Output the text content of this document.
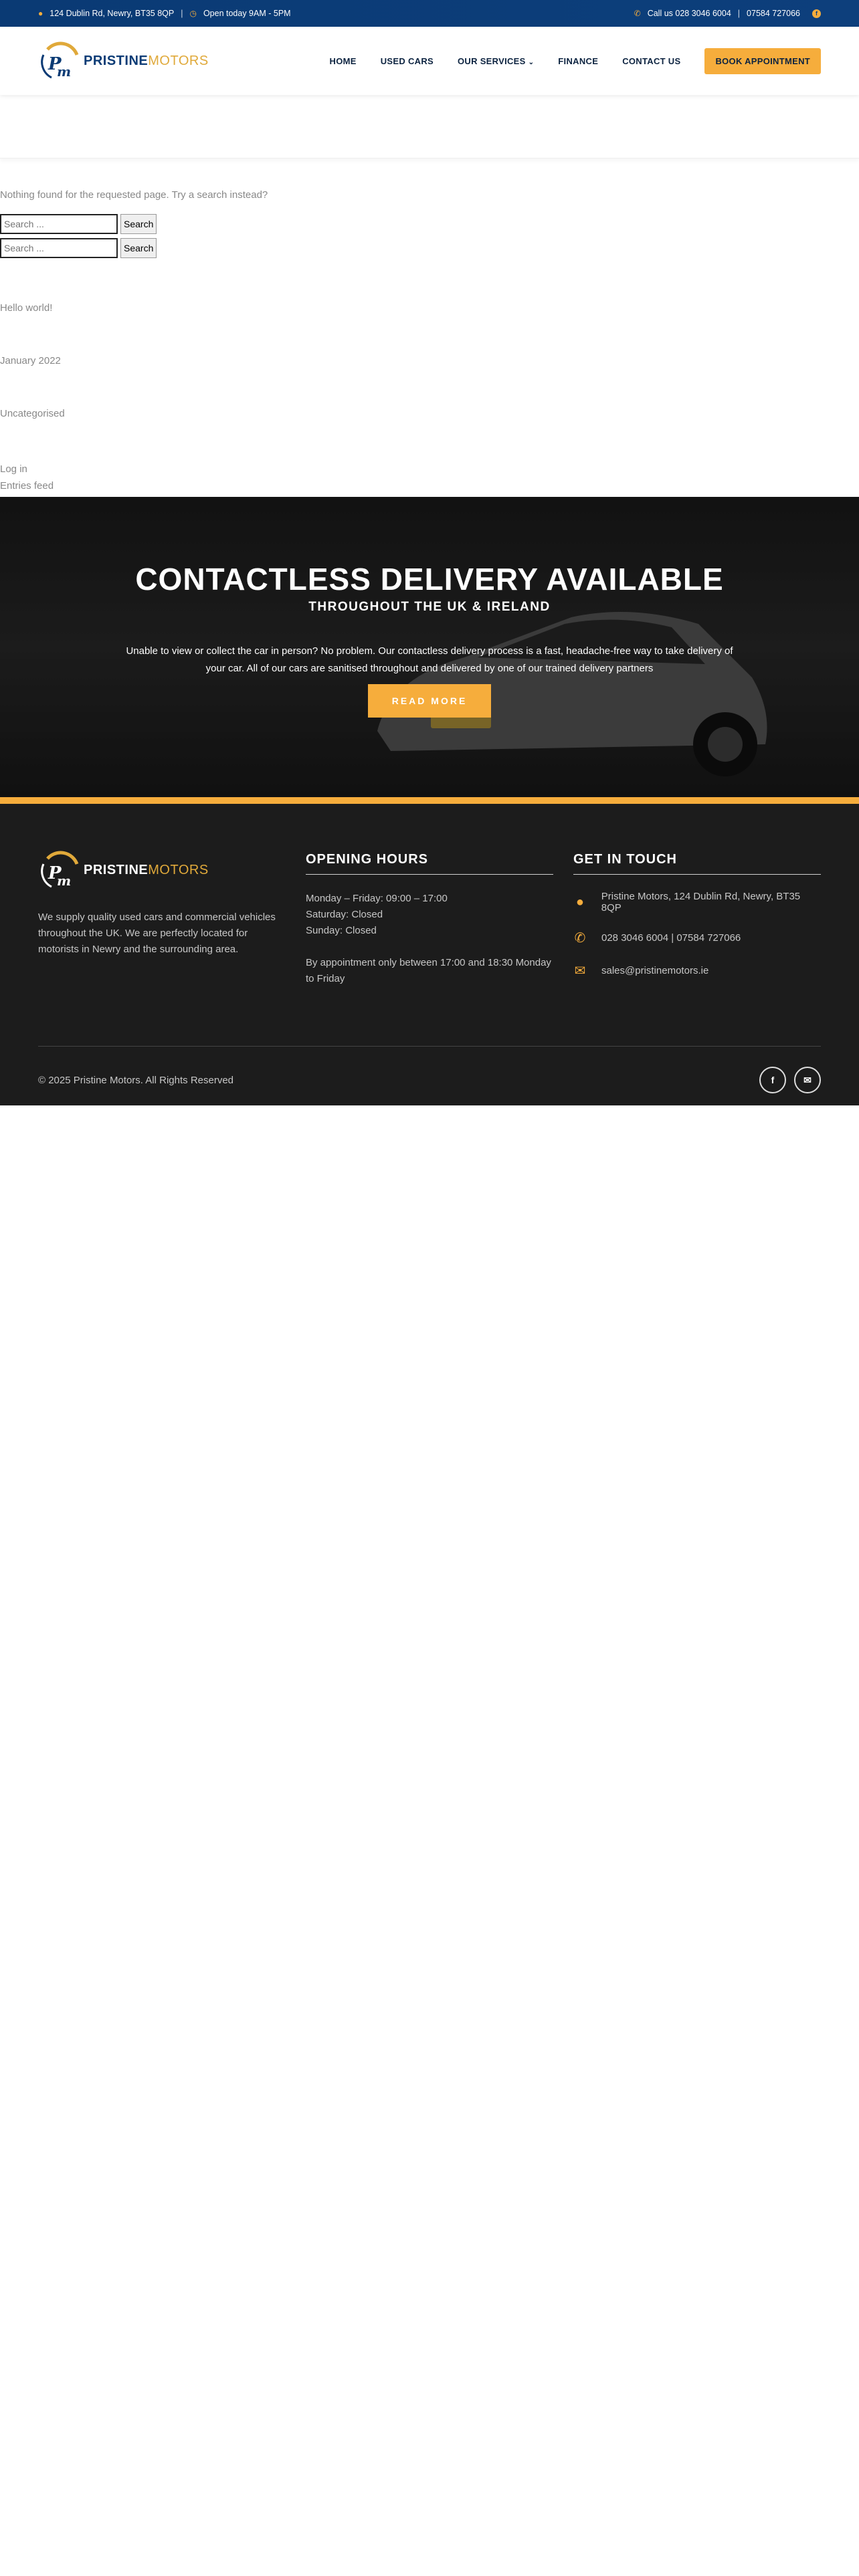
● 124 Dublin Rd, Newry, BT35 8QP | ◷ Open today 9AM - 5PM	✆ Call us 028 3046 6004 | 07584 727066	f
P
m
PRISTINEMOTORS	HOME	USED CARS	OUR SERVICES ⌄	FINANCE	CONTACT US	BOOK APPOINTMENT

Nothing found for the requested page. Try a search instead?

Search ...
Search
Search ...
Search
Hello world!
January 2022
Uncategorised
Log in
Entries feed
CONTACTLESS DELIVERY AVAILABLE
THROUGHOUT THE UK & IRELAND

Unable to view or collect the car in person? No problem. Our contactless delivery process is a fast, headache-free way to take delivery of your car. All of our cars are sanitised throughout and delivered by one of our trained delivery partners

READ MORE
P
m
PRISTINEMOTORS

We supply quality used cars and commercial vehicles throughout the UK. We are perfectly located for motorists in Newry and the surrounding area.

OPENING HOURS
Monday – Friday: 09:00 – 17:00
Saturday: Closed
Sunday: Closed

By appointment only between 17:00 and 18:30 Monday to Friday

GET IN TOUCH
● Pristine Motors, 124 Dublin Rd, Newry, BT35 8QP
✆ 028 3046 6004 | 07584 727066
✉ sales@pristinemotors.ie
© 2025 Pristine Motors. All Rights Reserved	f	✉
